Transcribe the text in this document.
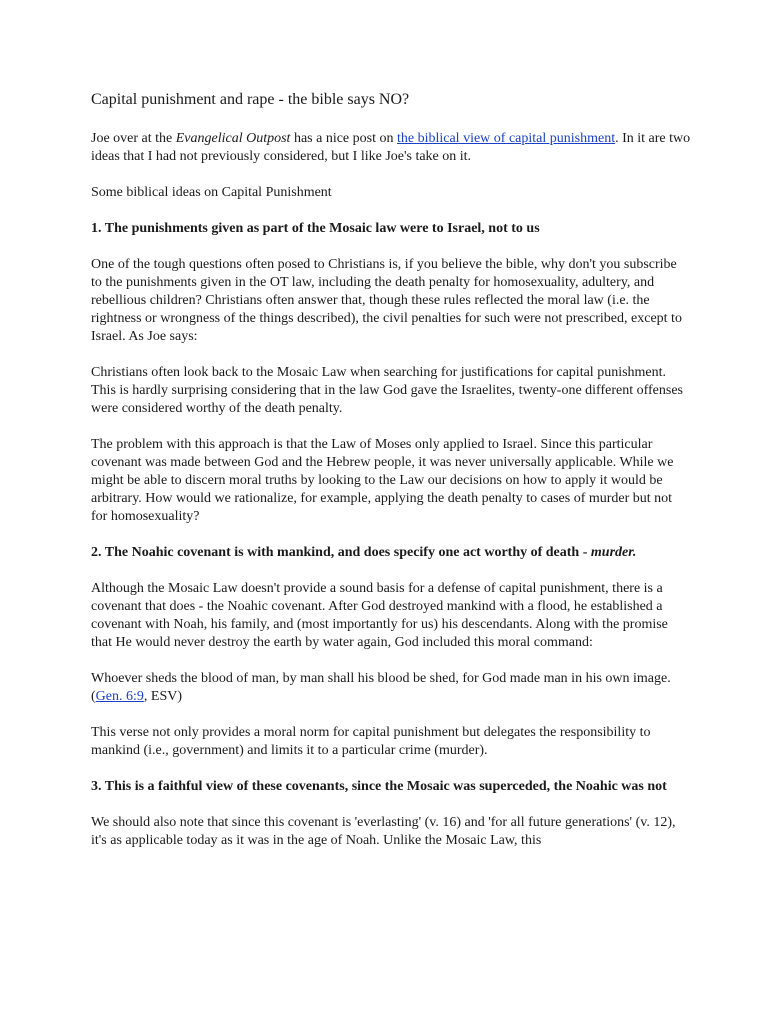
Capital punishment and rape - the bible says NO?

Joe over at the Evangelical Outpost has a nice post on the biblical view of capital punishment. In it are two ideas that I had not previously considered, but I like Joe's take on it.

Some biblical ideas on Capital Punishment

1. The punishments given as part of the Mosaic law were to Israel, not to us

One of the tough questions often posed to Christians is, if you believe the bible, why don't you subscribe to the punishments given in the OT law, including the death penalty for homosexuality, adultery, and rebellious children? Christians often answer that, though these rules reflected the moral law (i.e. the rightness or wrongness of the things described), the civil penalties for such were not prescribed, except to Israel. As Joe says:

Christians often look back to the Mosaic Law when searching for justifications for capital punishment. This is hardly surprising considering that in the law God gave the Israelites, twenty-one different offenses were considered worthy of the death penalty.

The problem with this approach is that the Law of Moses only applied to Israel. Since this particular covenant was made between God and the Hebrew people, it was never universally applicable. While we might be able to discern moral truths by looking to the Law our decisions on how to apply it would be arbitrary. How would we rationalize, for example, applying the death penalty to cases of murder but not for homosexuality?

2. The Noahic covenant is with mankind, and does specify one act worthy of death - murder.

Although the Mosaic Law doesn't provide a sound basis for a defense of capital punishment, there is a covenant that does - the Noahic covenant. After God destroyed mankind with a flood, he established a covenant with Noah, his family, and (most importantly for us) his descendants. Along with the promise that He would never destroy the earth by water again, God included this moral command:

Whoever sheds the blood of man, by man shall his blood be shed, for God made man in his own image. (Gen. 6:9, ESV)

This verse not only provides a moral norm for capital punishment but delegates the responsibility to mankind (i.e., government) and limits it to a particular crime (murder).

3. This is a faithful view of these covenants, since the Mosaic was superceded, the Noahic was not

We should also note that since this covenant is 'everlasting' (v. 16) and 'for all future generations' (v. 12), it's as applicable today as it was in the age of Noah. Unlike the Mosaic Law, this
